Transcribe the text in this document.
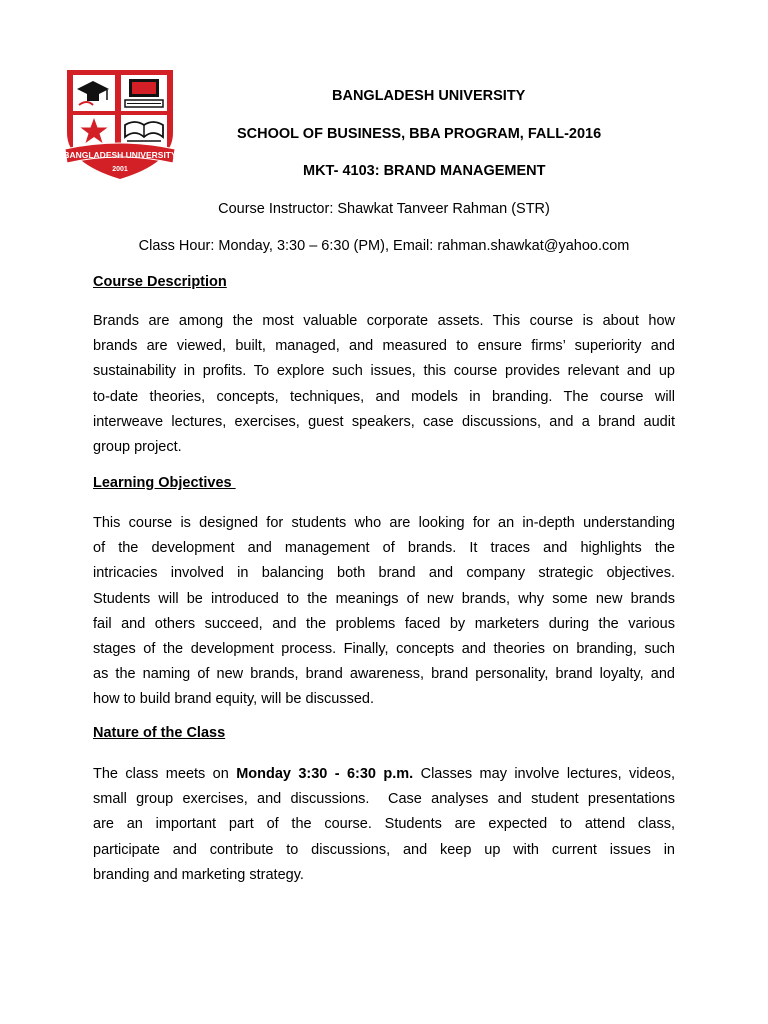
BANGLADESH UNIVERSITY
2001
BANGLADESH UNIVERSITY
SCHOOL OF BUSINESS, BBA PROGRAM, FALL-2016
MKT- 4103: BRAND MANAGEMENT
Course Instructor: Shawkat Tanveer Rahman (STR)
Class Hour: Monday, 3:30 – 6:30 (PM), Email: rahman.shawkat@yahoo.com
Course Description
Brands are among the most valuable corporate assets. This course is about how
brands are viewed, built, managed, and measured to ensure firms’ superiority and
sustainability in profits. To explore such issues, this course provides relevant and up
to-date theories, concepts, techniques, and models in branding. The course will
interweave lectures, exercises, guest speakers, case discussions, and a brand audit
group project.
Learning Objectives
This course is designed for students who are looking for an in-depth understanding
of the development and management of brands. It traces and highlights the
intricacies involved in balancing both brand and company strategic objectives.
Students will be introduced to the meanings of new brands, why some new brands
fail and others succeed, and the problems faced by marketers during the various
stages of the development process. Finally, concepts and theories on branding, such
as the naming of new brands, brand awareness, brand personality, brand loyalty, and
how to build brand equity, will be discussed.
Nature of the Class
The class meets on Monday 3:30 - 6:30 p.m. Classes may involve lectures, videos,
small group exercises, and discussions.  Case analyses and student presentations
are an important part of the course. Students are expected to attend class,
participate and contribute to discussions, and keep up with current issues in
branding and marketing strategy.
